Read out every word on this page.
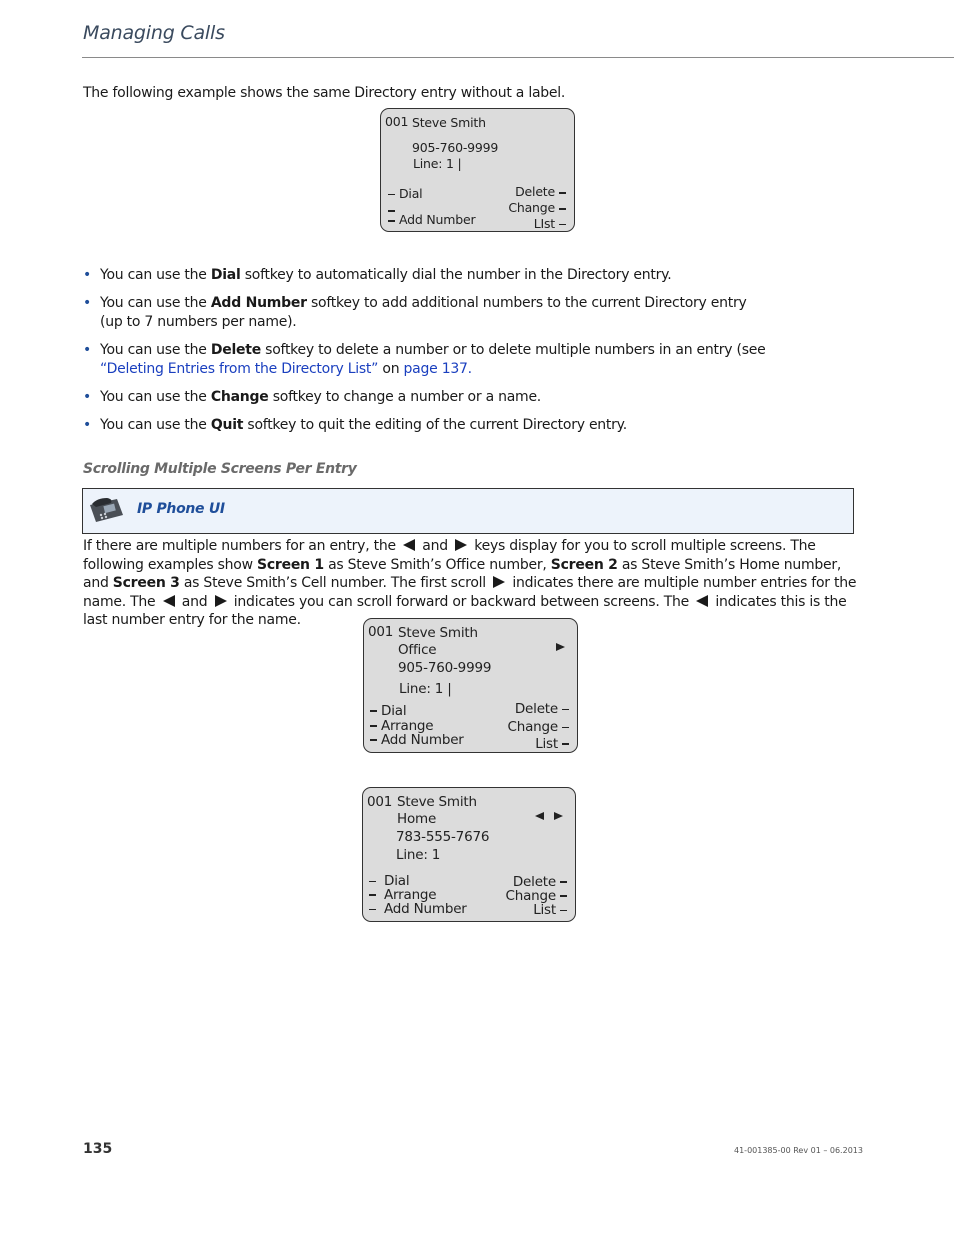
Managing Calls
The following example shows the same Directory entry without a label.
001 Steve Smith
905-760-9999
Line: 1 |
Dial
Add Number
Delete
Change
LIst
• You can use the Dial softkey to automatically dial the number in the Directory entry.
• You can use the Add Number softkey to add additional numbers to the current Directory entry (up to 7 numbers per name).
• You can use the Delete softkey to delete a number or to delete multiple numbers in an entry (see “Deleting Entries from the Directory List” on page 137.
• You can use the Change softkey to change a number or a name.
• You can use the Quit softkey to quit the editing of the current Directory entry.
Scrolling Multiple Screens Per Entry
IP Phone UI
If there are multiple numbers for an entry, the  and  keys display for you to scroll multiple screens. The following examples show Screen 1 as Steve Smith’s Office number, Screen 2 as Steve Smith’s Home number, and Screen 3 as Steve Smith’s Cell number. The first scroll  indicates there are multiple number entries for the name. The  and  indicates you can scroll forward or backward between screens. The  indicates this is the last number entry for the name.
001 Steve Smith
Office
905-760-9999
Line: 1 |
Dial
Arrange
Add Number
Delete
Change
List
001 Steve Smith
Home
783-555-7676
Line: 1
Dial
Arrange
Add Number
Delete
Change
List
135	41-001385-00 Rev 01 – 06.2013
